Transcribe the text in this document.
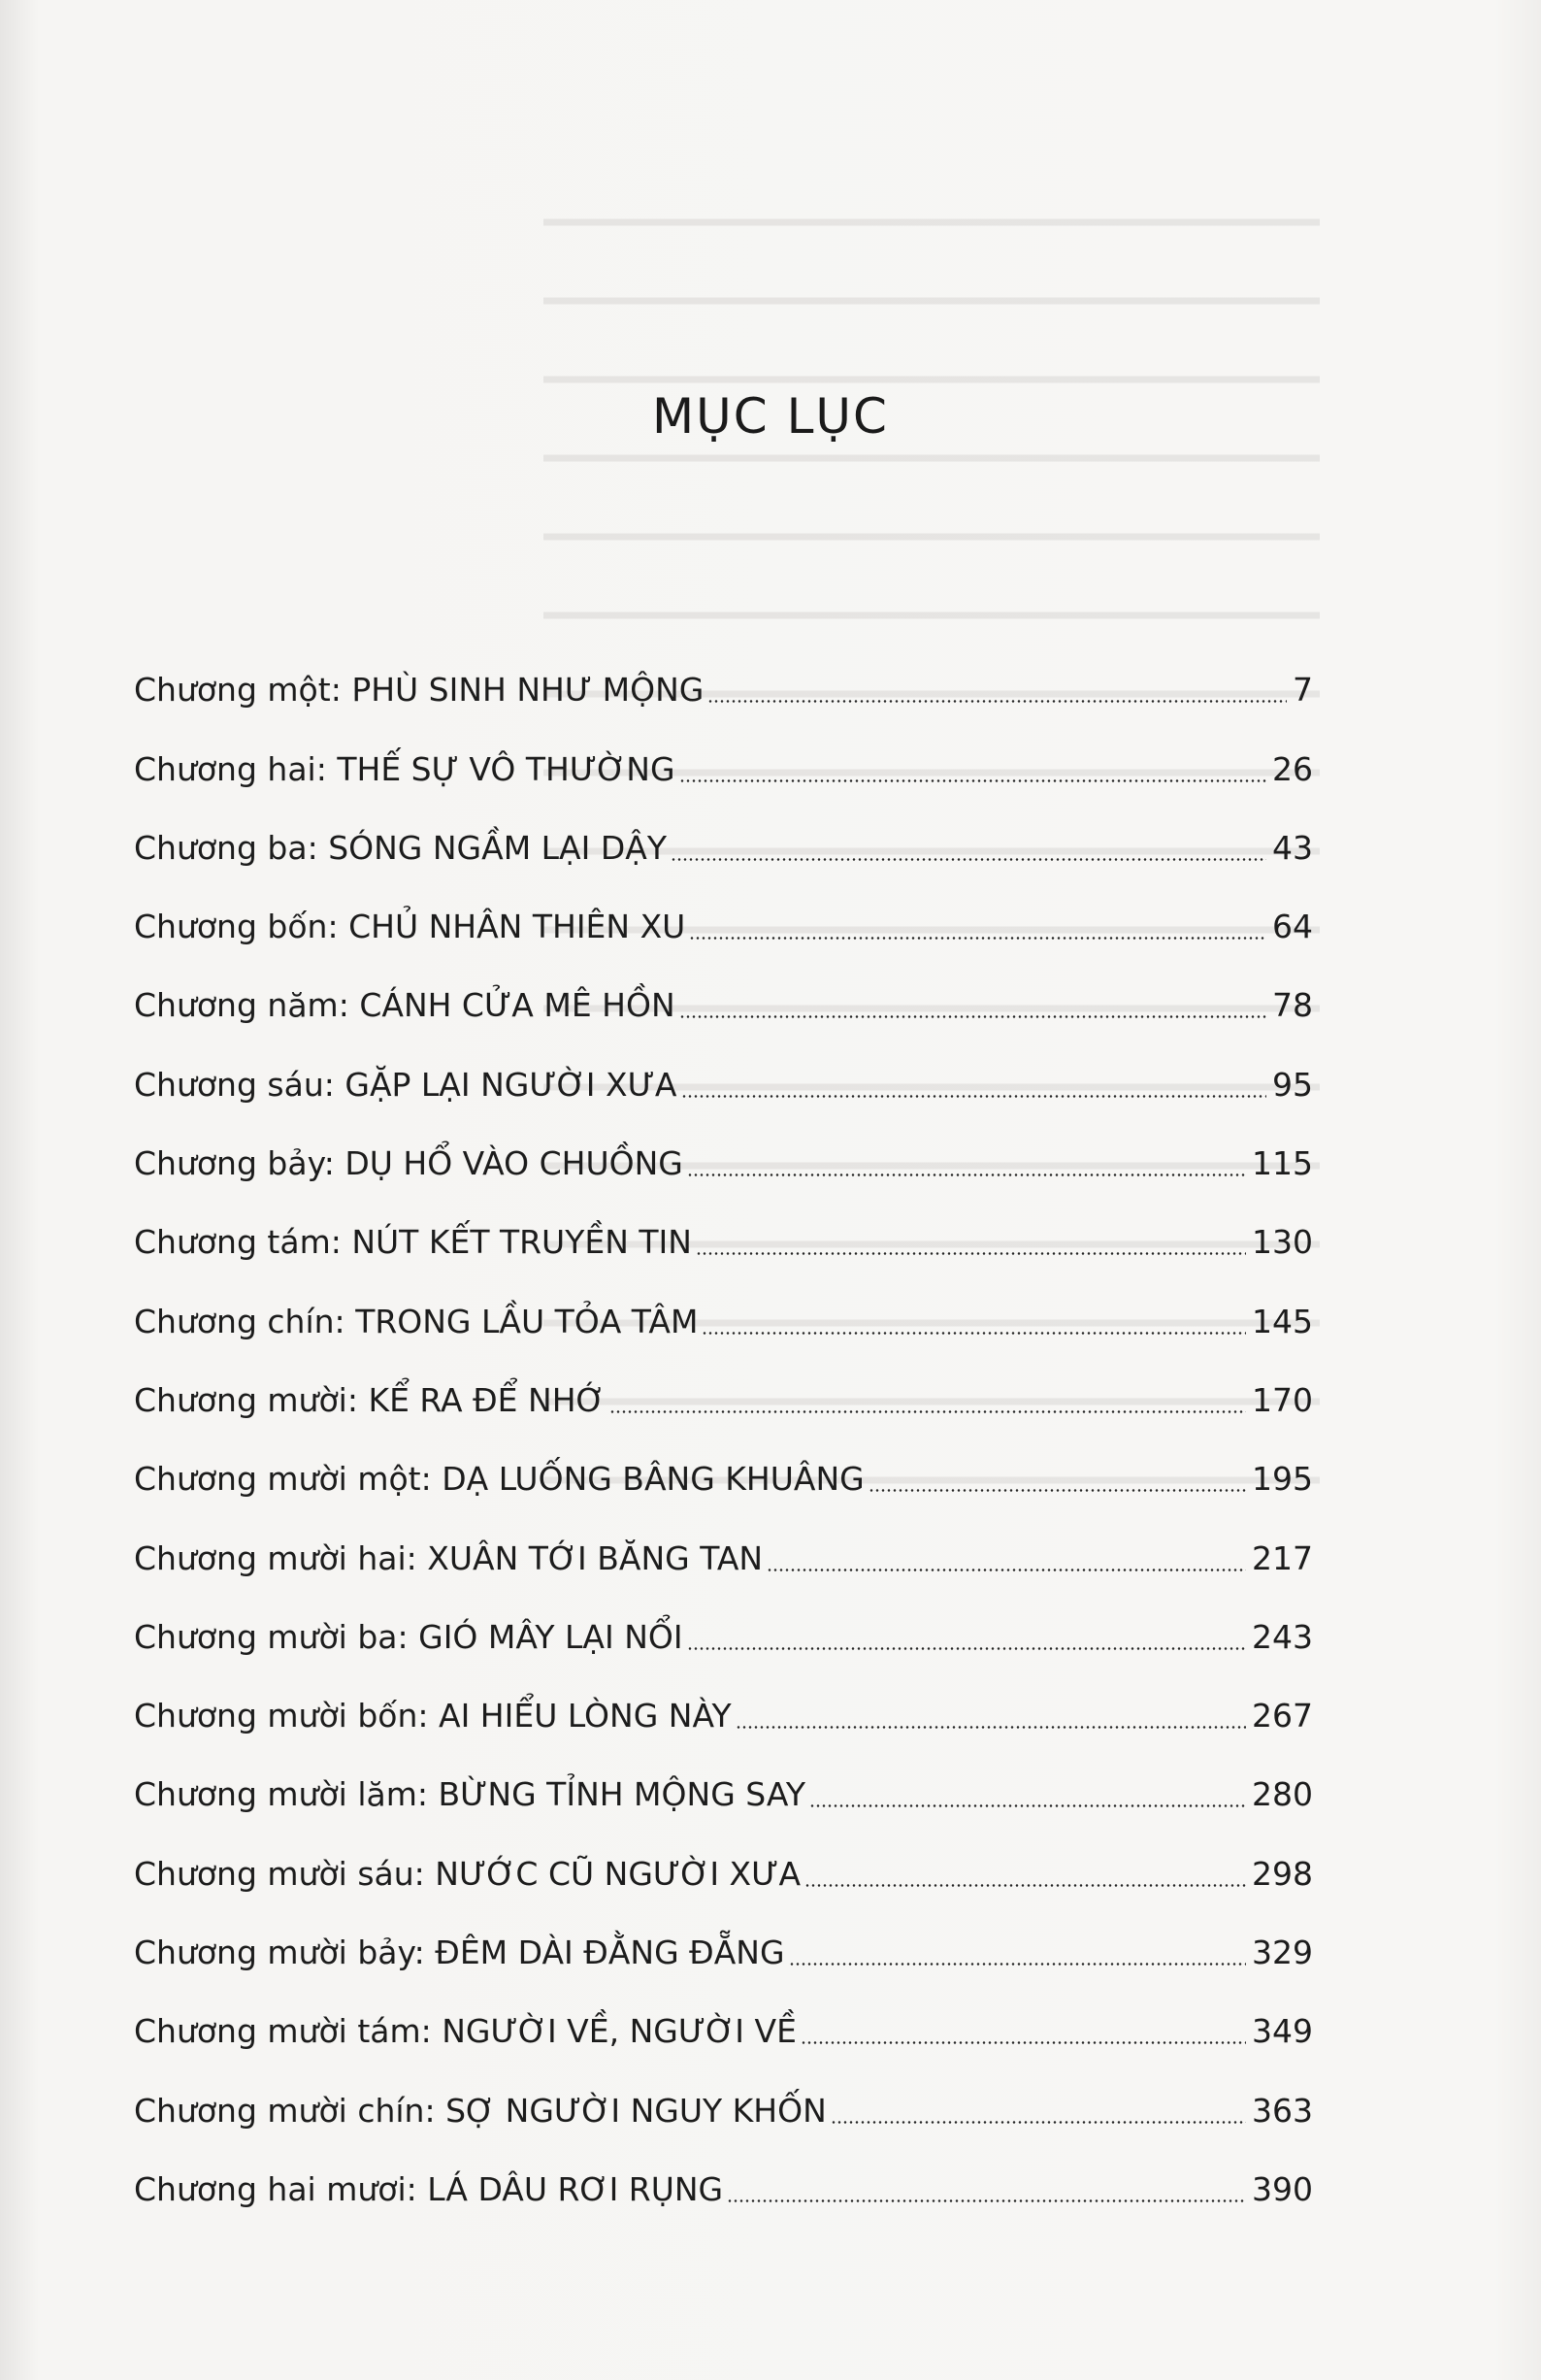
MỤC LỤC
Chương một: PHÙ SINH NHƯ MỘNG	7
Chương hai: THẾ SỰ VÔ THƯỜNG	26
Chương ba: SÓNG NGẦM LẠI DẬY	43
Chương bốn: CHỦ NHÂN THIÊN XU	64
Chương năm: CÁNH CỬA MÊ HỒN	78
Chương sáu: GẶP LẠI NGƯỜI XƯA	95
Chương bảy: DỤ HỔ VÀO CHUỒNG	115
Chương tám: NÚT KẾT TRUYỀN TIN	130
Chương chín: TRONG LẦU TỎA TÂM	145
Chương mười: KỂ RA ĐỂ NHỚ	170
Chương mười một: DẠ LUỐNG BÂNG KHUÂNG	195
Chương mười hai: XUÂN TỚI BĂNG TAN	217
Chương mười ba: GIÓ MÂY LẠI NỔI	243
Chương mười bốn: AI HIỂU LÒNG NÀY	267
Chương mười lăm: BỪNG TỈNH MỘNG SAY	280
Chương mười sáu: NƯỚC CŨ NGƯỜI XƯA	298
Chương mười bảy: ĐÊM DÀI ĐẰNG ĐẴNG	329
Chương mười tám: NGƯỜI VỀ, NGƯỜI VỀ	349
Chương mười chín: SỢ NGƯỜI NGUY KHỐN	363
Chương hai mươi: LÁ DÂU RƠI RỤNG	390
